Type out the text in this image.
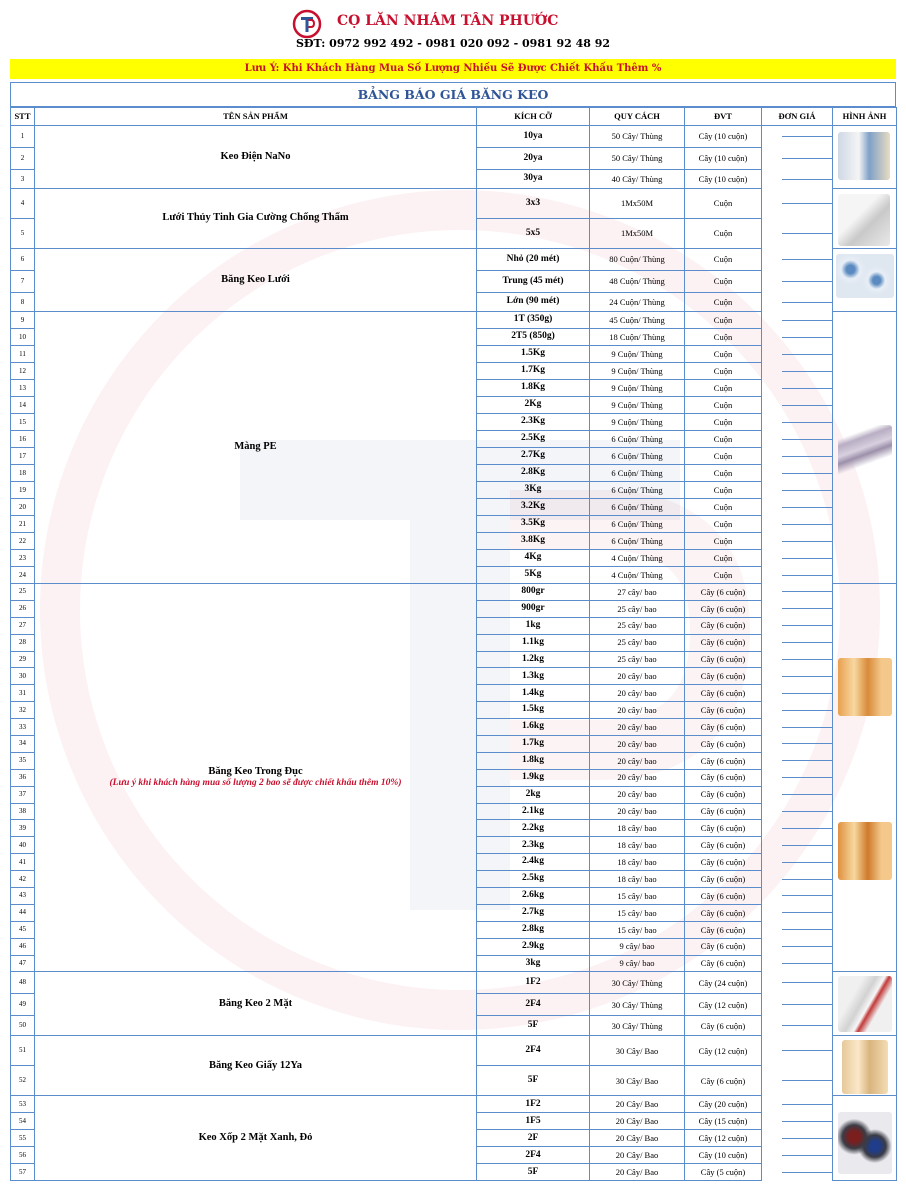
CỌ LĂN NHÁM TÂN PHƯỚC
SĐT: 0972 992 492 - 0981 020 092 - 0981 92 48 92
Lưu Ý: Khi Khách Hàng Mua Số Lượng Nhiều Sẽ Được Chiết Khấu Thêm %
BẢNG BÁO GIÁ BĂNG KEO
STT	TÊN SẢN PHẨM	KÍCH CỠ	QUY CÁCH	ĐVT	ĐƠN GIÁ	HÌNH ẢNH
1	Keo Điện NaNo	10ya	50 Cây/ Thùng	Cây (10 cuộn)	

2		20ya	50 Cây/ Thùng	Cây (10 cuộn)		

3		30ya	40 Cây/ Thùng	Cây (10 cuộn)		

4	Lưới Thủy Tinh Gia Cường Chống Thấm	3x3	1Mx50M	Cuộn	

5		5x5	1Mx50M	Cuộn		

6	Băng Keo Lưới	Nhỏ (20 mét)	80 Cuộn/ Thùng	Cuộn	

7		Trung (45 mét)	48 Cuộn/ Thùng	Cuộn		

8		Lớn (90 mét)	24 Cuộn/ Thùng	Cuộn		

9	Màng PE	1T (350g)	45 Cuộn/ Thùng	Cuộn	

10		2T5 (850g)	18 Cuộn/ Thùng	Cuộn		

11		1.5Kg	9 Cuộn/ Thùng	Cuộn		

12		1.7Kg	9 Cuộn/ Thùng	Cuộn		

13		1.8Kg	9 Cuộn/ Thùng	Cuộn		

14		2Kg	9 Cuộn/ Thùng	Cuộn		

15		2.3Kg	9 Cuộn/ Thùng	Cuộn		

16		2.5Kg	6 Cuộn/ Thùng	Cuộn		

17		2.7Kg	6 Cuộn/ Thùng	Cuộn		

18		2.8Kg	6 Cuộn/ Thùng	Cuộn		

19		3Kg	6 Cuộn/ Thùng	Cuộn		

20		3.2Kg	6 Cuộn/ Thùng	Cuộn		

21		3.5Kg	6 Cuộn/ Thùng	Cuộn		

22		3.8Kg	6 Cuộn/ Thùng	Cuộn		

23		4Kg	4 Cuộn/ Thùng	Cuộn		

24		5Kg	4 Cuộn/ Thùng	Cuộn		

25	Băng Keo Trong Đục
(Lưu ý khi khách hàng mua số lượng 2 bao sẽ được chiết khấu thêm 10%)	800gr	27 cây/ bao	Cây (6 cuộn)	

26		900gr	25 cây/ bao	Cây (6 cuộn)		

27		1kg	25 cây/ bao	Cây (6 cuộn)		

28		1.1kg	25 cây/ bao	Cây (6 cuộn)		

29		1.2kg	25 cây/ bao	Cây (6 cuộn)		

30		1.3kg	20 cây/ bao	Cây (6 cuộn)		

31		1.4kg	20 cây/ bao	Cây (6 cuộn)		

32		1.5kg	20 cây/ bao	Cây (6 cuộn)		

33		1.6kg	20 cây/ bao	Cây (6 cuộn)		

34		1.7kg	20 cây/ bao	Cây (6 cuộn)		

35		1.8kg	20 cây/ bao	Cây (6 cuộn)		

36		1.9kg	20 cây/ bao	Cây (6 cuộn)		

37		2kg	20 cây/ bao	Cây (6 cuộn)		

38		2.1kg	20 cây/ bao	Cây (6 cuộn)		

39		2.2kg	18 cây/ bao	Cây (6 cuộn)		

40		2.3kg	18 cây/ bao	Cây (6 cuộn)		

41		2.4kg	18 cây/ bao	Cây (6 cuộn)		

42		2.5kg	18 cây/ bao	Cây (6 cuộn)		

43		2.6kg	15 cây/ bao	Cây (6 cuộn)		

44		2.7kg	15 cây/ bao	Cây (6 cuộn)		

45		2.8kg	15 cây/ bao	Cây (6 cuộn)		

46		2.9kg	9 cây/ bao	Cây (6 cuộn)		

47		3kg	9 cây/ bao	Cây (6 cuộn)		

48	Băng Keo 2 Mặt	1F2	30 Cây/ Thùng	Cây (24 cuộn)	

49		2F4	30 Cây/ Thùng	Cây (12 cuộn)		

50		5F	30 Cây/ Thùng	Cây (6 cuộn)		

51	Băng Keo Giấy 12Ya	2F4	30 Cây/ Bao	Cây (12 cuộn)	

52		5F	30 Cây/ Bao	Cây (6 cuộn)		

53	Keo Xốp 2 Mặt Xanh, Đỏ	1F2	20 Cây/ Bao	Cây (20 cuộn)	

54		1F5	20 Cây/ Bao	Cây (15 cuộn)		

55		2F	20 Cây/ Bao	Cây (12 cuộn)		

56		2F4	20 Cây/ Bao	Cây (10 cuộn)		

57		5F	20 Cây/ Bao	Cây (5 cuộn)		
